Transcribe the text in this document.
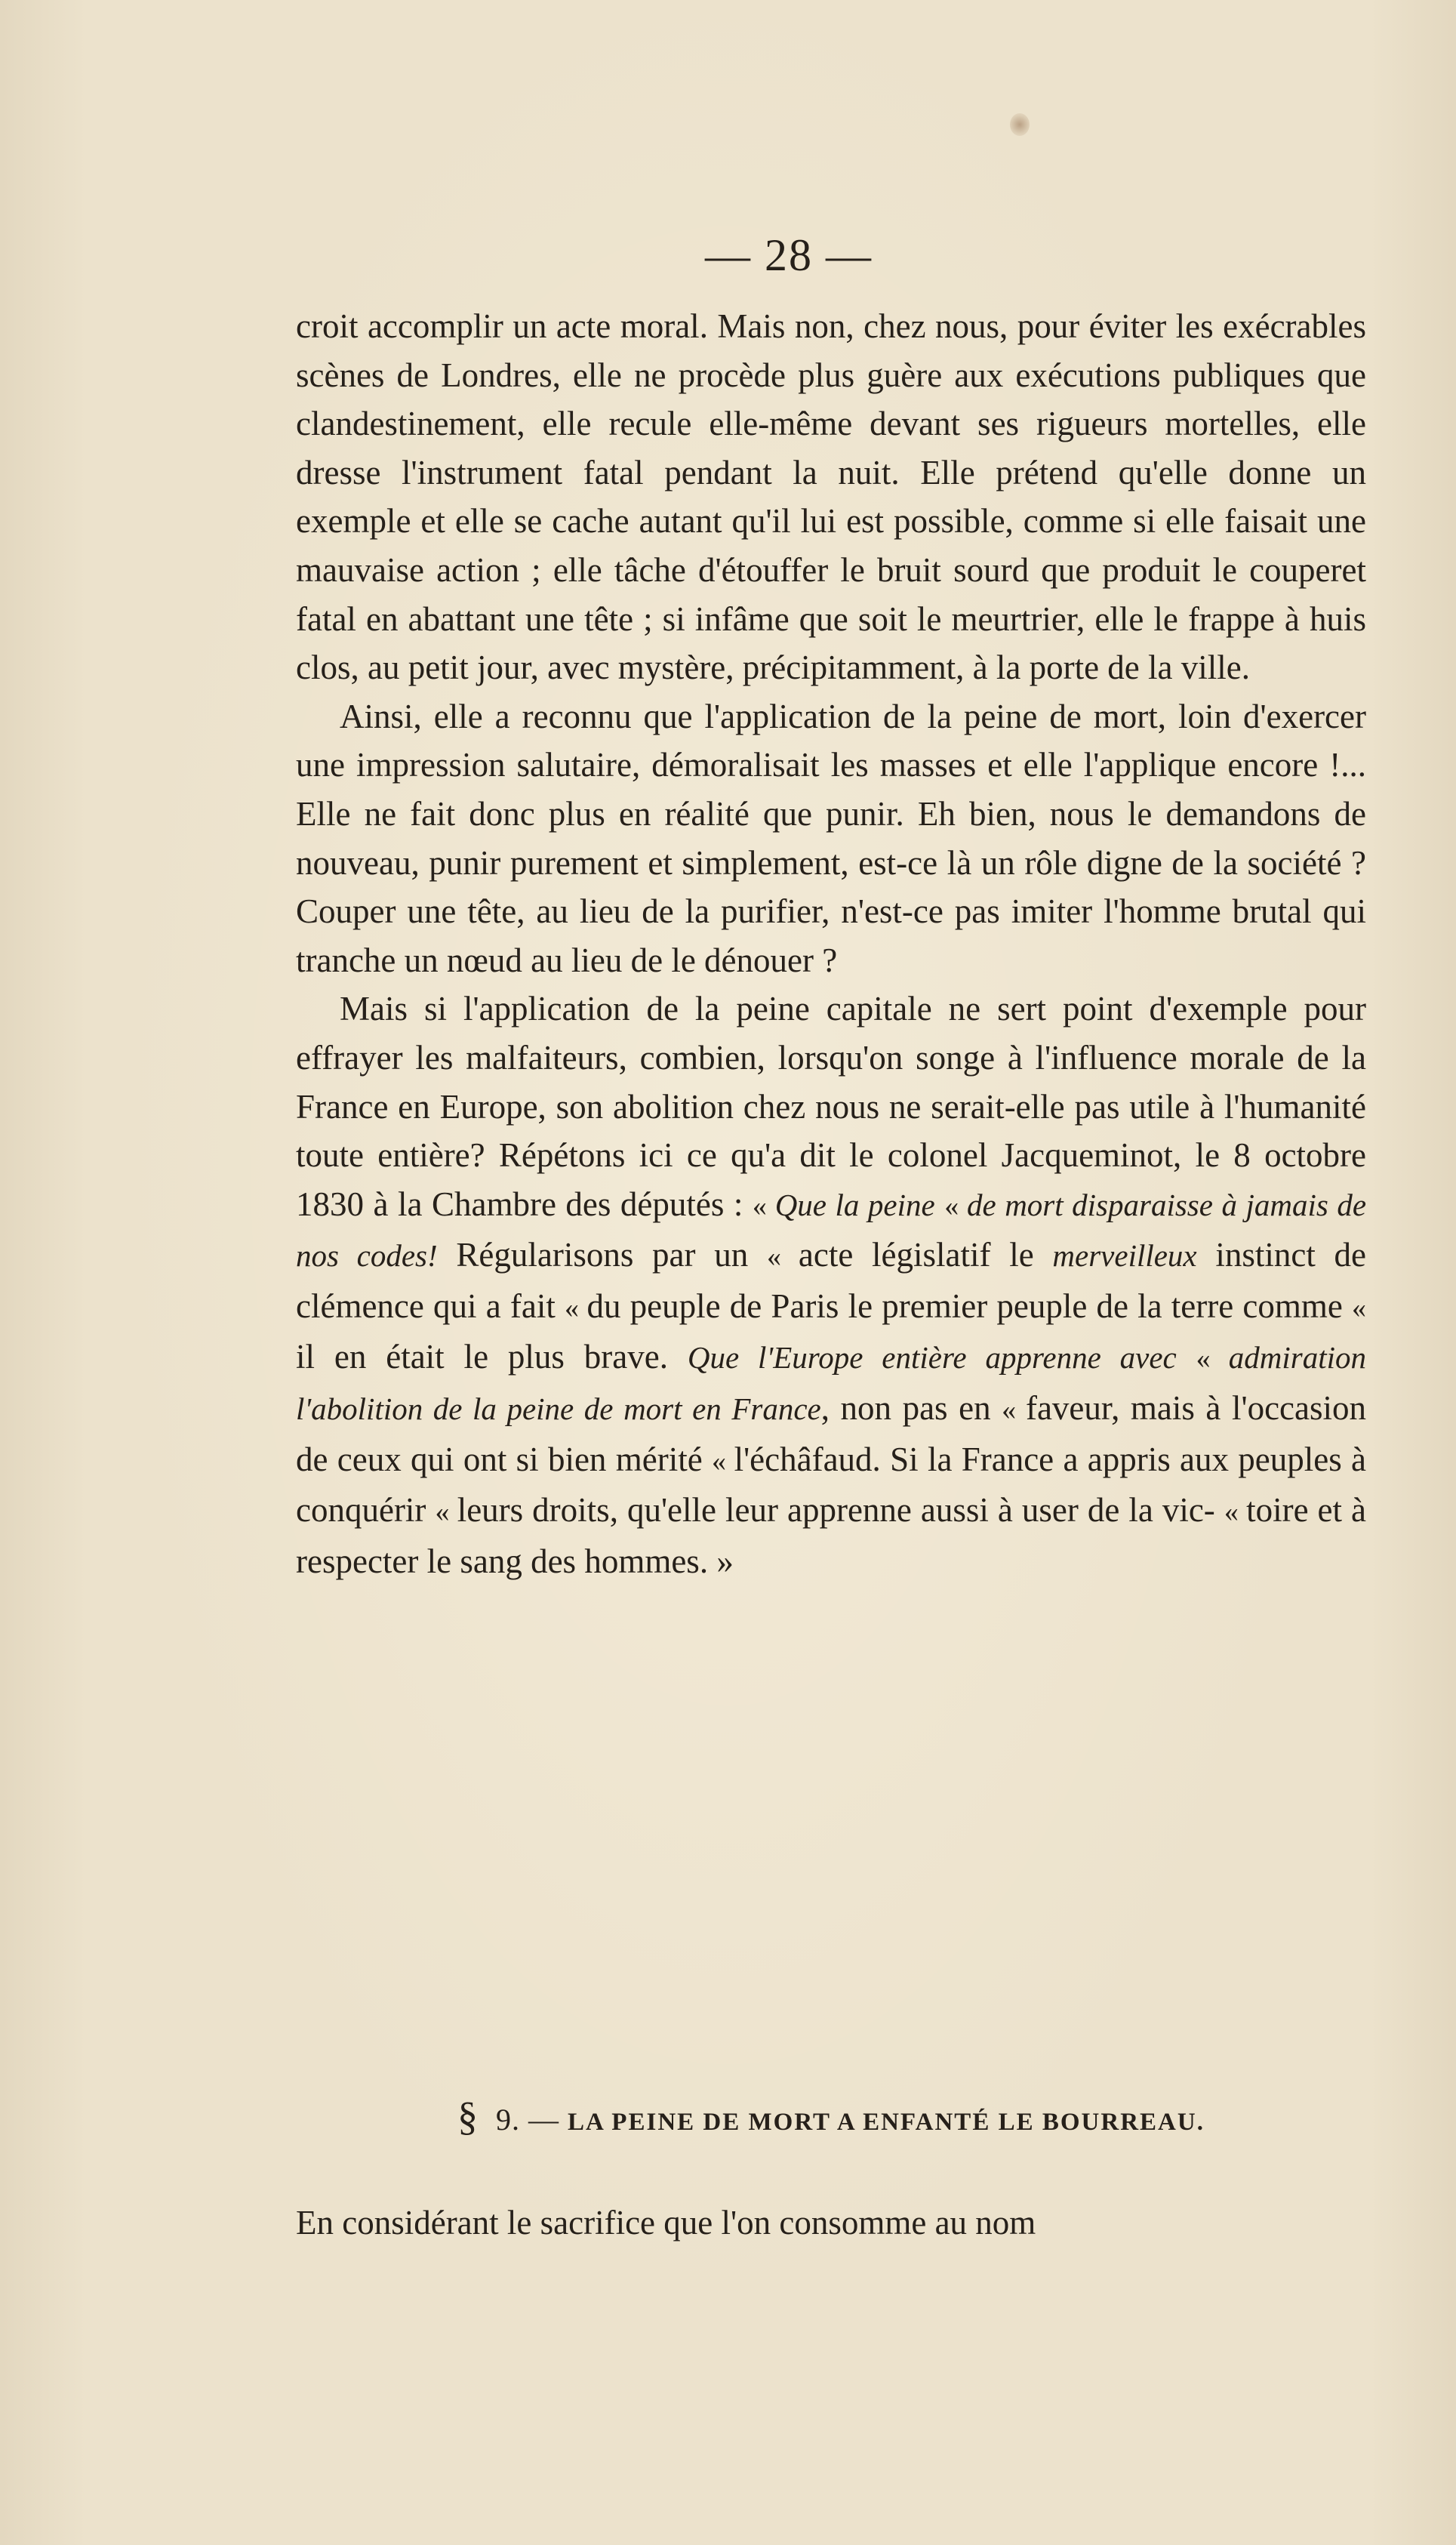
— 28 —

croit accomplir un acte moral. Mais non, chez nous, pour éviter les exécrables scènes de Londres, elle ne procède plus guère aux exécutions publiques que clandestinement, elle recule elle-même devant ses rigueurs mortelles, elle dresse l'instrument fatal pendant la nuit. Elle prétend qu'elle donne un exemple et elle se cache autant qu'il lui est possible, comme si elle faisait une mauvaise action ; elle tâche d'étouffer le bruit sourd que produit le couperet fatal en abattant une tête ; si infâme que soit le meurtrier, elle le frappe à huis clos, au petit jour, avec mystère, précipitamment, à la porte de la ville.

Ainsi, elle a reconnu que l'application de la peine de mort, loin d'exercer une impression salutaire, démoralisait les masses et elle l'applique encore !... Elle ne fait donc plus en réalité que punir. Eh bien, nous le demandons de nouveau, punir purement et simplement, est-ce là un rôle digne de la société ? Couper une tête, au lieu de la purifier, n'est-ce pas imiter l'homme brutal qui tranche un nœud au lieu de le dénouer ?

Mais si l'application de la peine capitale ne sert point d'exemple pour effrayer les malfaiteurs, combien, lorsqu'on songe à l'influence morale de la France en Europe, son abolition chez nous ne serait-elle pas utile à l'humanité toute entière? Répétons ici ce qu'a dit le colonel Jacqueminot, le 8 octobre 1830 à la Chambre des députés : « Que la peine « de mort disparaisse à jamais de nos codes! Régularisons par un « acte législatif le merveilleux instinct de clémence qui a fait « du peuple de Paris le premier peuple de la terre comme « il en était le plus brave. Que l'Europe entière apprenne avec « admiration l'abolition de la peine de mort en France, non pas en « faveur, mais à l'occasion de ceux qui ont si bien mérité « l'échâfaud. Si la France a appris aux peuples à conquérir « leurs droits, qu'elle leur apprenne aussi à user de la vic- « toire et à respecter le sang des hommes. »

§ 9. — LA PEINE DE MORT A ENFANTÉ LE BOURREAU.
En considérant le sacrifice que l'on consomme au nom
